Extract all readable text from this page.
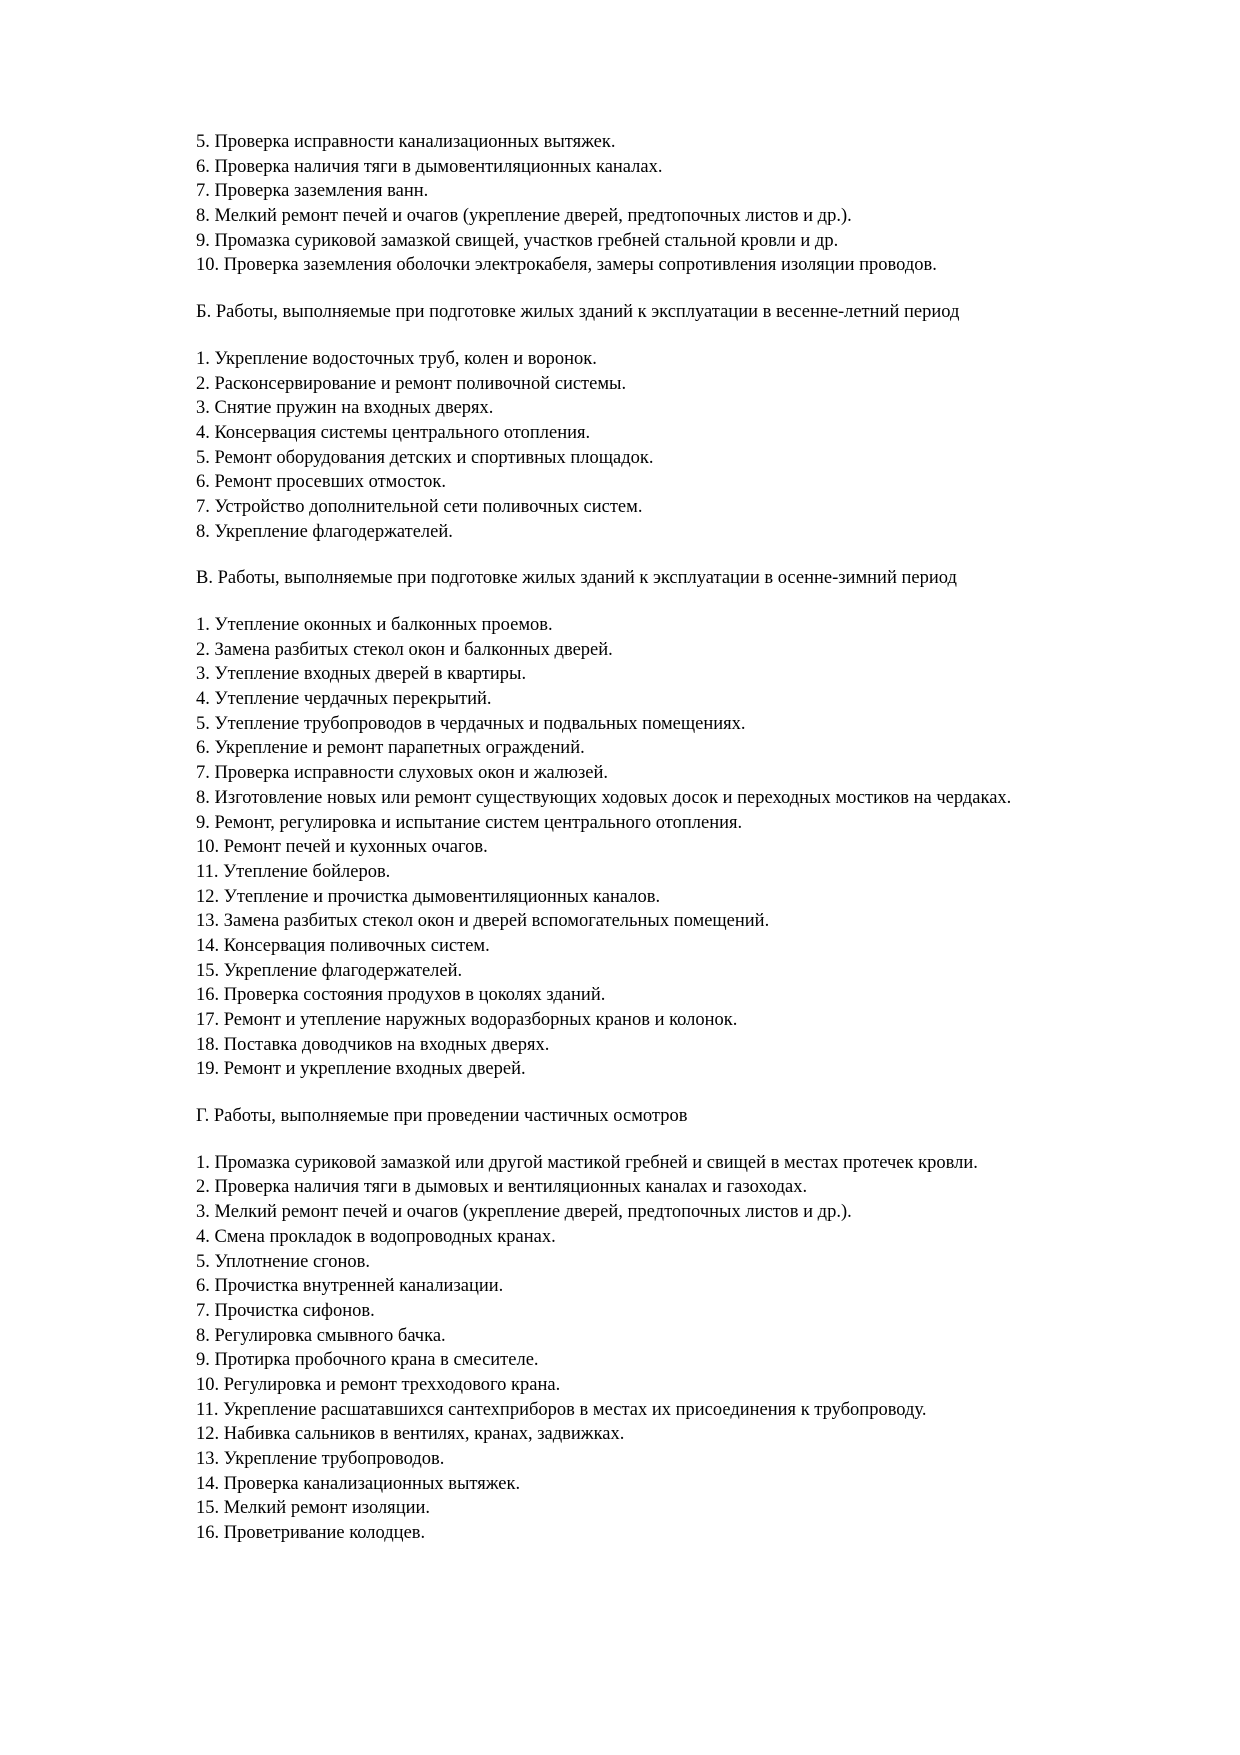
5. Проверка исправности канализационных вытяжек.

6. Проверка наличия тяги в дымовентиляционных каналах.

7. Проверка заземления ванн.

8. Мелкий ремонт печей и очагов (укрепление дверей, предтопочных листов и др.).

9. Промазка суриковой замазкой свищей, участков гребней стальной кровли и др.

10. Проверка заземления оболочки электрокабеля, замеры сопротивления изоляции проводов.

Б. Работы, выполняемые при подготовке жилых зданий к эксплуатации в весенне-летний период

1. Укрепление водосточных труб, колен и воронок.

2. Расконсервирование и ремонт поливочной системы.

3. Снятие пружин на входных дверях.

4. Консервация системы центрального отопления.

5. Ремонт оборудования детских и спортивных площадок.

6. Ремонт просевших отмосток.

7. Устройство дополнительной сети поливочных систем.

8. Укрепление флагодержателей.

В. Работы, выполняемые при подготовке жилых зданий к эксплуатации в осенне-зимний период

1. Утепление оконных и балконных проемов.

2. Замена разбитых стекол окон и балконных дверей.

3. Утепление входных дверей в квартиры.

4. Утепление чердачных перекрытий.

5. Утепление трубопроводов в чердачных и подвальных помещениях.

6. Укрепление и ремонт парапетных ограждений.

7. Проверка исправности слуховых окон и жалюзей.

8. Изготовление новых или ремонт существующих ходовых досок и переходных мостиков на чердаках.

9. Ремонт, регулировка и испытание систем центрального отопления.

10. Ремонт печей и кухонных очагов.

11. Утепление бойлеров.

12. Утепление и прочистка дымовентиляционных каналов.

13. Замена разбитых стекол окон и дверей вспомогательных помещений.

14. Консервация поливочных систем.

15. Укрепление флагодержателей.

16. Проверка состояния продухов в цоколях зданий.

17. Ремонт и утепление наружных водоразборных кранов и колонок.

18. Поставка доводчиков на входных дверях.

19. Ремонт и укрепление входных дверей.

Г. Работы, выполняемые при проведении частичных осмотров

1. Промазка суриковой замазкой или другой мастикой гребней и свищей в местах протечек кровли.

2. Проверка наличия тяги в дымовых и вентиляционных каналах и газоходах.

3. Мелкий ремонт печей и очагов (укрепление дверей, предтопочных листов и др.).

4. Смена прокладок в водопроводных кранах.

5. Уплотнение сгонов.

6. Прочистка внутренней канализации.

7. Прочистка сифонов.

8. Регулировка смывного бачка.

9. Протирка пробочного крана в смесителе.

10. Регулировка и ремонт трехходового крана.

11. Укрепление расшатавшихся сантехприборов в местах их присоединения к трубопроводу.

12. Набивка сальников в вентилях, кранах, задвижках.

13. Укрепление трубопроводов.

14. Проверка канализационных вытяжек.

15. Мелкий ремонт изоляции.

16. Проветривание колодцев.
